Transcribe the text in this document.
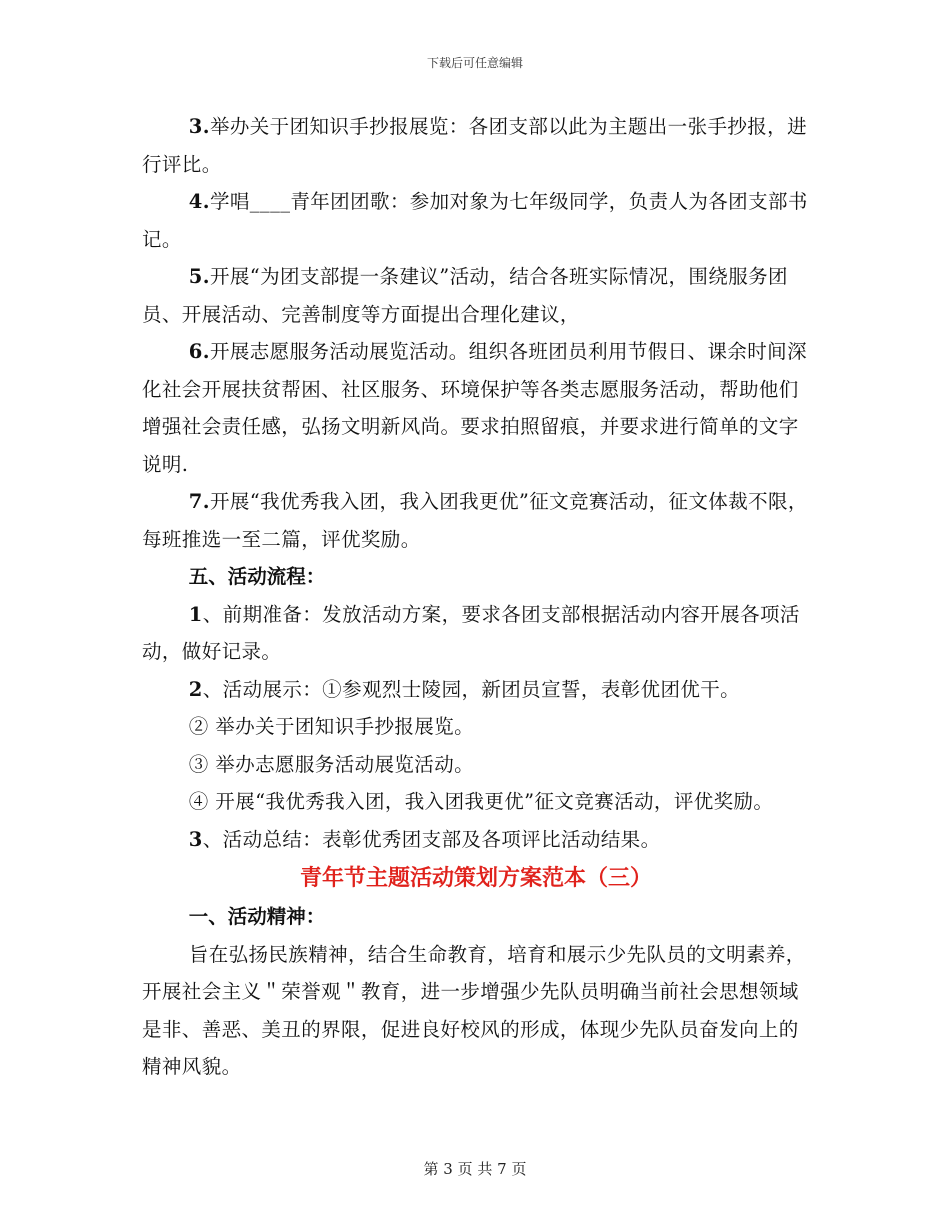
下载后可任意编辑

3.举办关于团知识手抄报展览：各团支部以此为主题出一张手抄报，进行评比。

4.学唱____青年团团歌：参加对象为七年级同学，负责人为各团支部书记。

5.开展“为团支部提一条建议”活动，结合各班实际情况，围绕服务团员、开展活动、完善制度等方面提出合理化建议，

6.开展志愿服务活动展览活动。组织各班团员利用节假日、课余时间深化社会开展扶贫帮困、社区服务、环境保护等各类志愿服务活动，帮助他们增强社会责任感，弘扬文明新风尚。要求拍照留痕，并要求进行简单的文字说明.

7.开展“我优秀我入团，我入团我更优”征文竞赛活动，征文体裁不限，每班推选一至二篇，评优奖励。

五、活动流程：

1、前期准备：发放活动方案，要求各团支部根据活动内容开展各项活动，做好记录。

2、活动展示：①参观烈士陵园，新团员宣誓，表彰优团优干。

② 举办关于团知识手抄报展览。

③ 举办志愿服务活动展览活动。

④ 开展“我优秀我入团，我入团我更优”征文竞赛活动，评优奖励。

3、活动总结：表彰优秀团支部及各项评比活动结果。

青年节主题活动策划方案范本（三）

一、活动精神：

旨在弘扬民族精神，结合生命教育，培育和展示少先队员的文明素养，开展社会主义＂荣誉观＂教育，进一步增强少先队员明确当前社会思想领域是非、善恶、美丑的界限，促进良好校风的形成，体现少先队员奋发向上的精神风貌。

第 3 页 共 7 页
